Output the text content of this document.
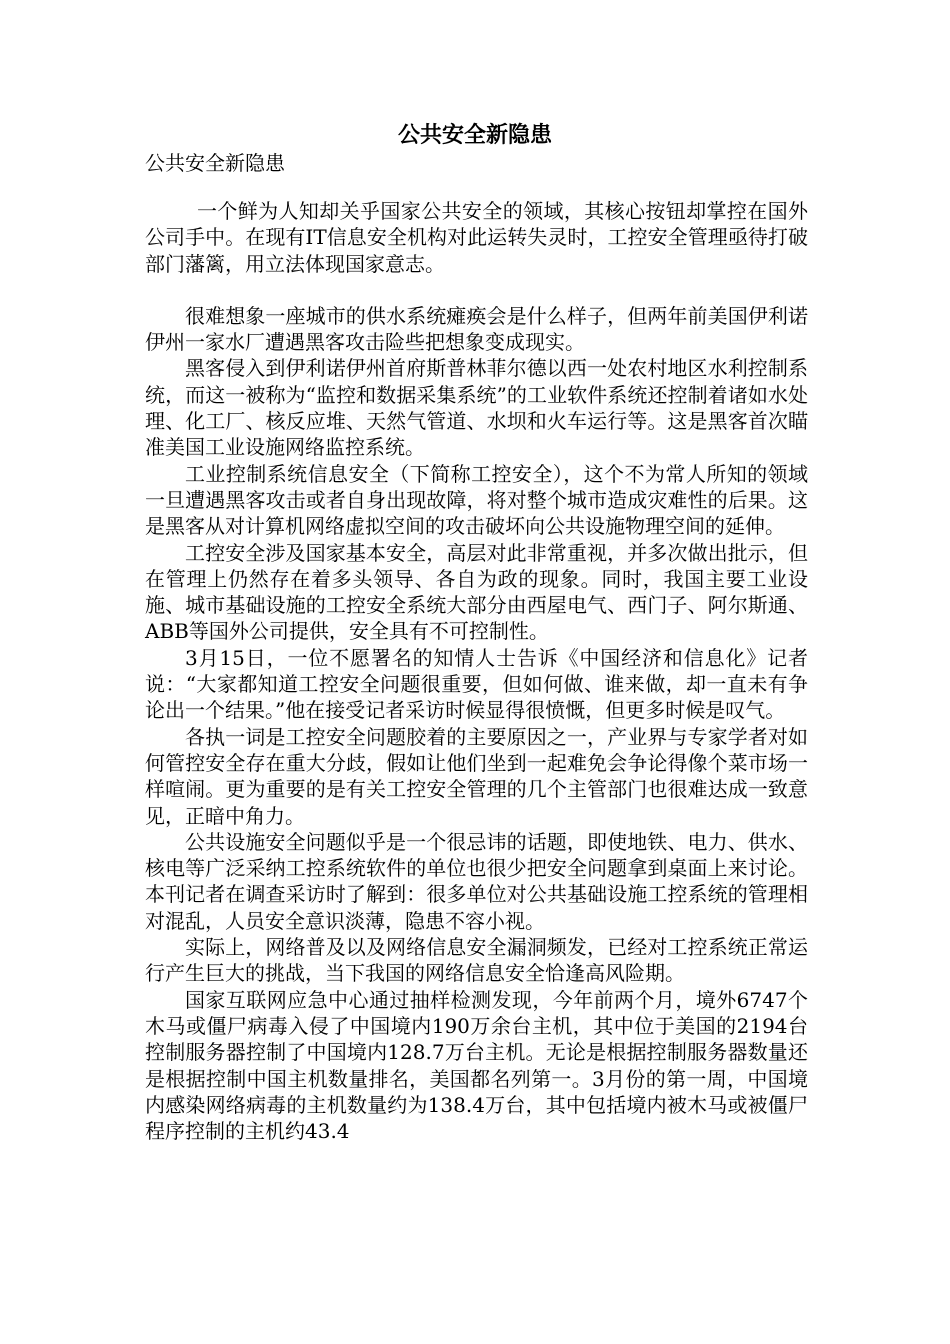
公共安全新隐患
公共安全新隐患

一个鲜为人知却关乎国家公共安全的领域，其核心按钮却掌控在国外公司手中。在现有IT信息安全机构对此运转失灵时，工控安全管理亟待打破部门藩篱，用立法体现国家意志。

很难想象一座城市的供水系统瘫痪会是什么样子，但两年前美国伊利诺伊州一家水厂遭遇黑客攻击险些把想象变成现实。

黑客侵入到伊利诺伊州首府斯普林菲尔德以西一处农村地区水利控制系统，而这一被称为“监控和数据采集系统”的工业软件系统还控制着诸如水处理、化工厂、核反应堆、天然气管道、水坝和火车运行等。这是黑客首次瞄准美国工业设施网络监控系统。

工业控制系统信息安全（下简称工控安全），这个不为常人所知的领域一旦遭遇黑客攻击或者自身出现故障，将对整个城市造成灾难性的后果。这是黑客从对计算机网络虚拟空间的攻击破坏向公共设施物理空间的延伸。

工控安全涉及国家基本安全，高层对此非常重视，并多次做出批示，但在管理上仍然存在着多头领导、各自为政的现象。同时，我国主要工业设施、城市基础设施的工控安全系统大部分由西屋电气、西门子、阿尔斯通、ABB等国外公司提供，安全具有不可控制性。

3月15日，一位不愿署名的知情人士告诉《中国经济和信息化》记者说：“大家都知道工控安全问题很重要，但如何做、谁来做，却一直未有争论出一个结果。”他在接受记者采访时候显得很愤慨，但更多时候是叹气。

各执一词是工控安全问题胶着的主要原因之一，产业界与专家学者对如何管控安全存在重大分歧，假如让他们坐到一起难免会争论得像个菜市场一样喧闹。更为重要的是有关工控安全管理的几个主管部门也很难达成一致意见，正暗中角力。

公共设施安全问题似乎是一个很忌讳的话题，即使地铁、电力、供水、核电等广泛采纳工控系统软件的单位也很少把安全问题拿到桌面上来讨论。本刊记者在调查采访时了解到：很多单位对公共基础设施工控系统的管理相对混乱，人员安全意识淡薄，隐患不容小视。

实际上，网络普及以及网络信息安全漏洞频发，已经对工控系统正常运行产生巨大的挑战，当下我国的网络信息安全恰逢高风险期。

国家互联网应急中心通过抽样检测发现，今年前两个月，境外6747个木马或僵尸病毒入侵了中国境内190万余台主机，其中位于美国的2194台控制服务器控制了中国境内128.7万台主机。无论是根据控制服务器数量还是根据控制中国主机数量排名，美国都名列第一。3月份的第一周，中国境内感染网络病毒的主机数量约为138.4万台，其中包括境内被木马或被僵尸程序控制的主机约43.4
